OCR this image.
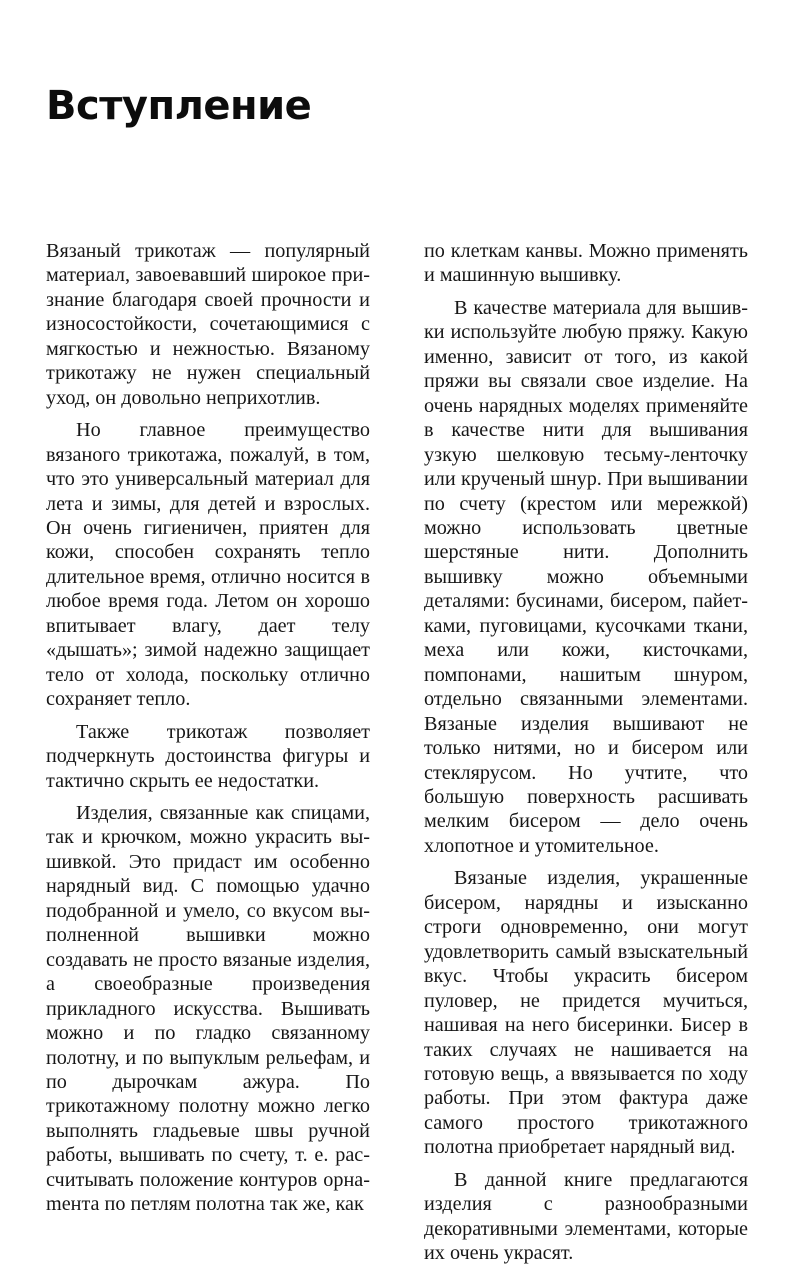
Вступление

Вязаный трикотаж — популярный материал, завоевавший широкое признание благодаря своей прочности и износостойкости, сочетающимися с мягкостью и нежностью. Вязаному трикотажу не нужен специальный уход, он довольно неприхотлив.

Но главное преимущество вязаного трикотажа, пожалуй, в том, что это универсальный материал для лета и зимы, для детей и взрослых. Он очень гигиеничен, приятен для кожи, способен сохранять тепло длительное время, отлично носится в любое время года. Летом он хорошо впитывает влагу, дает телу «дышать»; зимой надежно защищает тело от холода, поскольку отлично сохраняет тепло.

Также трикотаж позволяет подчеркнуть достоинства фигуры и тактично скрыть ее недостатки.

Изделия, связанные как спицами, так и крючком, можно украсить вышивкой. Это придаст им особенно нарядный вид. С помощью удачно подобранной и умело, со вкусом выполненной вышивки можно создавать не просто вязаные изделия, а своеобразные произведения прикладного искусства. Вышивать можно и по гладко связанному полотну, и по выпуклым рельефам, и по дырочкам ажура. По трикотажному полотну можно легко выполнять гладьевые швы ручной работы, вышивать по счету, т. е. рассчитывать положение контуров орнаmента по петлям полотна так же, как

по клеткам канвы. Можно применять и машинную вышивку.

В качестве материала для вышивки используйте любую пряжу. Какую именно, зависит от того, из какой пряжи вы связали свое изделие. На очень нарядных моделях применяйте в качестве нити для вышивания узкую шелковую тесьму-ленточку или крученый шнур. При вышивании по счету (крестом или мережкой) можно использовать цветные шерстяные нити. Дополнить вышивку можно объемными деталями: бусинами, бисером, пайетками, пуговицами, кусочками ткани, меха или кожи, кисточками, помпонами, нашитым шнуром, отдельно связанными элементами. Вязаные изделия вышивают не только нитями, но и бисером или стеклярусом. Но учтите, что большую поверхность расшивать мелким бисером — дело очень хлопотное и утомительное.

Вязаные изделия, украшенные бисером, нарядны и изысканно строги одновременно, они могут удовлетворить самый взыскательный вкус. Чтобы украсить бисером пуловер, не придется мучиться, нашивая на него бисеринки. Бисер в таких случаях не нашивается на готовую вещь, а ввязывается по ходу работы. При этом фактура даже самого простого трикотажного полотна приобретает нарядный вид.

В данной книге предлагаются изделия с разнообразными декоративными элементами, которые их очень украсят.
